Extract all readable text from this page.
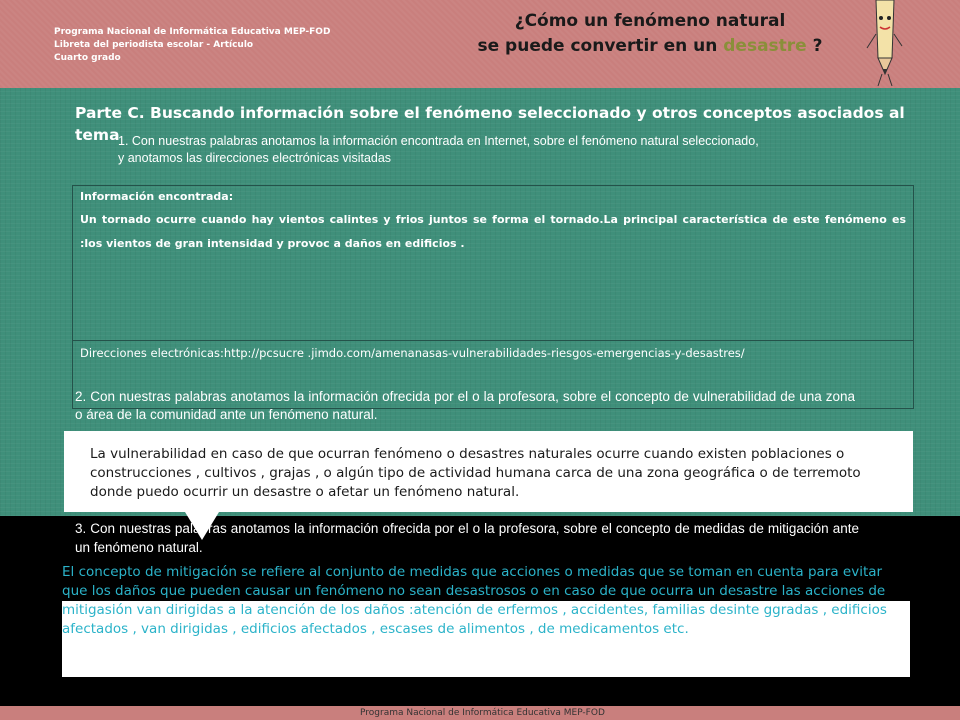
Programa Nacional de Informática Educativa MEP-FOD
Libreta del periodista escolar - Artículo
Cuarto grado
¿Cómo un fenómeno natural
se puede convertir en un desastre ?
Parte C. Buscando información sobre el fenómeno seleccionado y otros conceptos asociados al tema
1. Con nuestras palabras anotamos la información encontrada en Internet, sobre el fenómeno natural seleccionado,
y anotamos las direcciones electrónicas visitadas
Información encontrada:
Un tornado ocurre cuando hay vientos calintes y frios juntos se forma el tornado.La principal característica de este fenómeno es :los vientos de gran intensidad y provoc a daños en edificios .
Direcciones electrónicas:http://pcsucre .jimdo.com/amenanasas-vulnerabilidades-riesgos-emergencias-y-desastres/
2. Con nuestras palabras anotamos la información ofrecida por el o la profesora, sobre el concepto de vulnerabilidad de una zona o área de la comunidad ante un fenómeno natural.
La vulnerabilidad en caso de que ocurran fenómeno o desastres naturales ocurre cuando existen poblaciones o construcciones , cultivos , grajas , o algún tipo de actividad humana carca de una zona geográfica o de terremoto donde puedo ocurrir un desastre o afetar un fenómeno natural.
3. Con nuestras palabras anotamos la información ofrecida por el o la profesora, sobre el concepto de medidas de mitigación ante un fenómeno natural.
El concepto de mitigación se refiere al conjunto de medidas que acciones o medidas que se toman en cuenta para evitar que los daños que pueden causar un fenómeno no sean desastrosos o en caso de que ocurra un desastre las acciones de mitigasión van dirigidas a la atención de los daños :atención de erfermos , accidentes, familias desinte ggradas , edificios afectados , van dirigidas , edificios afectados , escases de alimentos , de medicamentos etc.
Programa Nacional de Informática Educativa MEP-FOD
